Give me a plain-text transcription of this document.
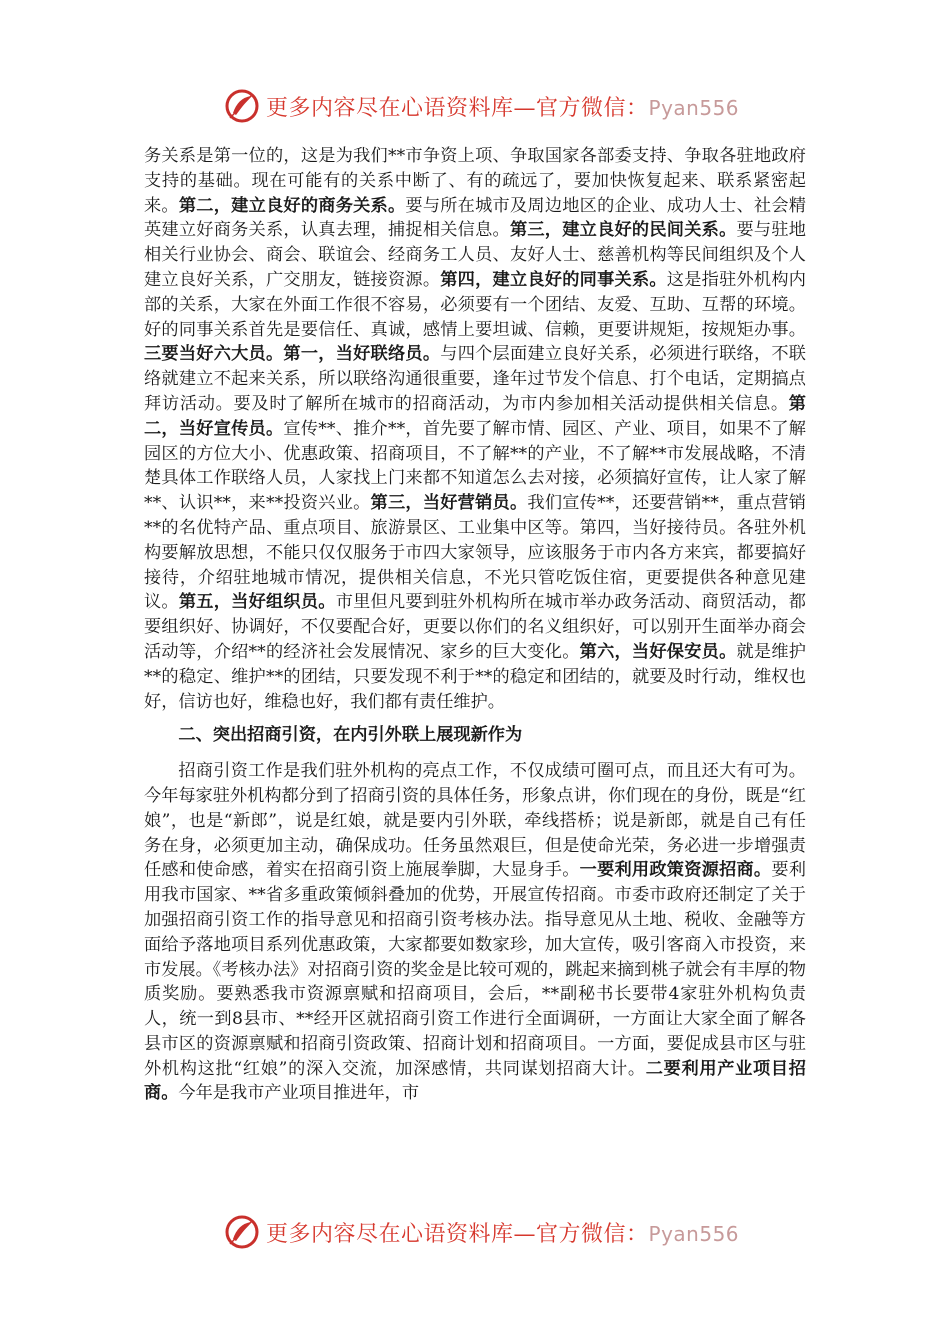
更多内容尽在心语资料库—官方微信：Pyan556

务关系是第一位的，这是为我们**市争资上项、争取国家各部委支持、争取各驻地政府支持的基础。现在可能有的关系中断了、有的疏远了，要加快恢复起来、联系紧密起来。第二，建立良好的商务关系。要与所在城市及周边地区的企业、成功人士、社会精英建立好商务关系，认真去理，捕捉相关信息。第三，建立良好的民间关系。要与驻地相关行业协会、商会、联谊会、经商务工人员、友好人士、慈善机构等民间组织及个人建立良好关系，广交朋友，链接资源。第四，建立良好的同事关系。这是指驻外机构内部的关系，大家在外面工作很不容易，必须要有一个团结、友爱、互助、互帮的环境。好的同事关系首先是要信任、真诚，感情上要坦诚、信赖，更要讲规矩，按规矩办事。三要当好六大员。第一，当好联络员。与四个层面建立良好关系，必须进行联络，不联络就建立不起来关系，所以联络沟通很重要，逢年过节发个信息、打个电话，定期搞点拜访活动。要及时了解所在城市的招商活动，为市内参加相关活动提供相关信息。第二，当好宣传员。宣传**、推介**，首先要了解市情、园区、产业、项目，如果不了解园区的方位大小、优惠政策、招商项目，不了解**的产业，不了解**市发展战略，不清楚具体工作联络人员，人家找上门来都不知道怎么去对接，必须搞好宣传，让人家了解**、认识**，来**投资兴业。第三，当好营销员。我们宣传**，还要营销**，重点营销**的名优特产品、重点项目、旅游景区、工业集中区等。第四，当好接待员。各驻外机构要解放思想，不能只仅仅服务于市四大家领导，应该服务于市内各方来宾，都要搞好接待，介绍驻地城市情况，提供相关信息，不光只管吃饭住宿，更要提供各种意见建议。第五，当好组织员。市里但凡要到驻外机构所在城市举办政务活动、商贸活动，都要组织好、协调好，不仅要配合好，更要以你们的名义组织好，可以别开生面举办商会活动等，介绍**的经济社会发展情况、家乡的巨大变化。第六，当好保安员。就是维护**的稳定、维护**的团结，只要发现不利于**的稳定和团结的，就要及时行动，维权也好，信访也好，维稳也好，我们都有责任维护。

二、突出招商引资，在内引外联上展现新作为

招商引资工作是我们驻外机构的亮点工作，不仅成绩可圈可点，而且还大有可为。今年每家驻外机构都分到了招商引资的具体任务，形象点讲，你们现在的身份，既是“红娘”，也是“新郎”，说是红娘，就是要内引外联，牵线搭桥；说是新郎，就是自己有任务在身，必须更加主动，确保成功。任务虽然艰巨，但是使命光荣，务必进一步增强责任感和使命感，着实在招商引资上施展拳脚，大显身手。一要利用政策资源招商。要利用我市国家、**省多重政策倾斜叠加的优势，开展宣传招商。市委市政府还制定了关于加强招商引资工作的指导意见和招商引资考核办法。指导意见从土地、税收、金融等方面给予落地项目系列优惠政策，大家都要如数家珍，加大宣传，吸引客商入市投资，来市发展。《考核办法》对招商引资的奖金是比较可观的，跳起来摘到桃子就会有丰厚的物质奖励。要熟悉我市资源禀赋和招商项目，会后，**副秘书长要带4家驻外机构负责人，统一到8县市、**经开区就招商引资工作进行全面调研，一方面让大家全面了解各县市区的资源禀赋和招商引资政策、招商计划和招商项目。一方面，要促成县市区与驻外机构这批“红娘”的深入交流，加深感情，共同谋划招商大计。二要利用产业项目招商。今年是我市产业项目推进年，市

更多内容尽在心语资料库—官方微信：Pyan556
